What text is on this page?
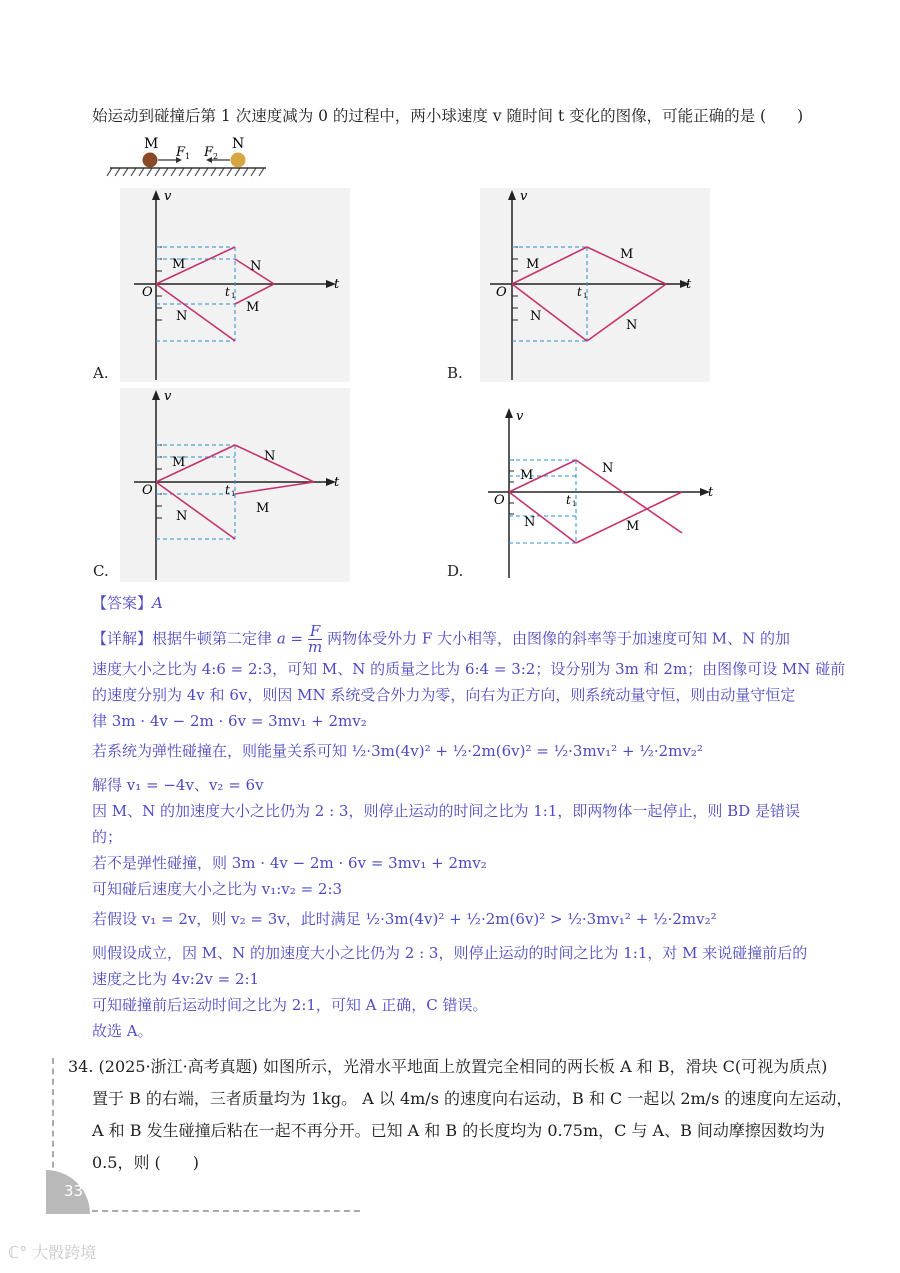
始运动到碰撞后第 1 次速度减为 0 的过程中，两小球速度 v 随时间 t 变化的图像，可能正确的是 (　　)
M	N
F 1 F 2
v
t
O	t 1
M	N
N
M
A.
v
t
O	t 1
M
M
N
N
B.
v
t
O	t 1
M	N
N
M
C.
v
t
O	t 1
M	N
N	M
D.
【答案】A
【详解】根据牛顿第二定律 $a = \frac{F}{m}$ 两物体受外力 F 大小相等，由图像的斜率等于加速度可知 M、N 的加
速度大小之比为 4:6 = 2:3，可知 M、N 的质量之比为 6:4 = 3:2；设分别为 3m 和 2m；由图像可设 MN 碰前
的速度分别为 4v 和 6v，则因 MN 系统受合外力为零，向右为正方向，则系统动量守恒，则由动量守恒定
律 3m · 4v − 2m · 6v = 3mv₁ + 2mv₂
若系统为弹性碰撞在，则能量关系可知 ½·3m(4v)² + ½·2m(6v)² = ½·3mv₁² + ½·2mv₂²
解得 v₁ = −4v、v₂ = 6v
因 M、N 的加速度大小之比仍为 2 : 3，则停止运动的时间之比为 1:1，即两物体一起停止，则 BD 是错误
的；
若不是弹性碰撞，则 3m · 4v − 2m · 6v = 3mv₁ + 2mv₂
可知碰后速度大小之比为 v₁:v₂ = 2:3
若假设 v₁ = 2v，则 v₂ = 3v，此时满足 ½·3m(4v)² + ½·2m(6v)² > ½·3mv₁² + ½·2mv₂²
则假设成立，因 M、N 的加速度大小之比仍为 2 : 3，则停止运动的时间之比为 1:1，对 M 来说碰撞前后的
速度之比为 4v:2v = 2:1
可知碰撞前后运动时间之比为 2:1，可知 A 正确，C 错误。
故选 A。
34. (2025·浙江·高考真题) 如图所示，光滑水平地面上放置完全相同的两长板 A 和 B，滑块 C(可视为质点)
置于 B 的右端，三者质量均为 1kg。 A 以 4m/s 的速度向右运动，B 和 C 一起以 2m/s 的速度向左运动，
A 和 B 发生碰撞后粘在一起不再分开。已知 A 和 B 的长度均为 0.75m，C 与 A、B 间动摩擦因数均为
0.5，则 (　　)
33
ℂ° 大骰跨境
